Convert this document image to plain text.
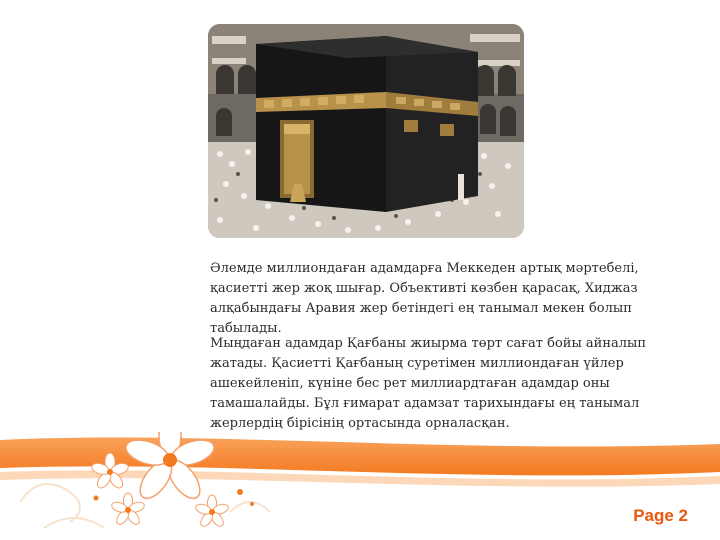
Әлемде миллиондаған адамдарға Меккеден артық мәртебелі, қасиетті жер жоқ шығар. Объективті көзбен қарасақ, Хиджаз алқабындағы Аравия жер бетіндегі ең танымал мекен болып табылады.

Мыңдаған адамдар Қағбаны жиырма төрт сағат бойы айналып жатады. Қасиетті Қағбаның суретімен миллиондаған үйлер ашекейленіп, күніне бес рет миллиардтаған адамдар оны тамашалайды. Бұл ғимарат адамзат тарихындағы ең танымал жерлердің бірісінің ортасында орналасқан.

Page 2
